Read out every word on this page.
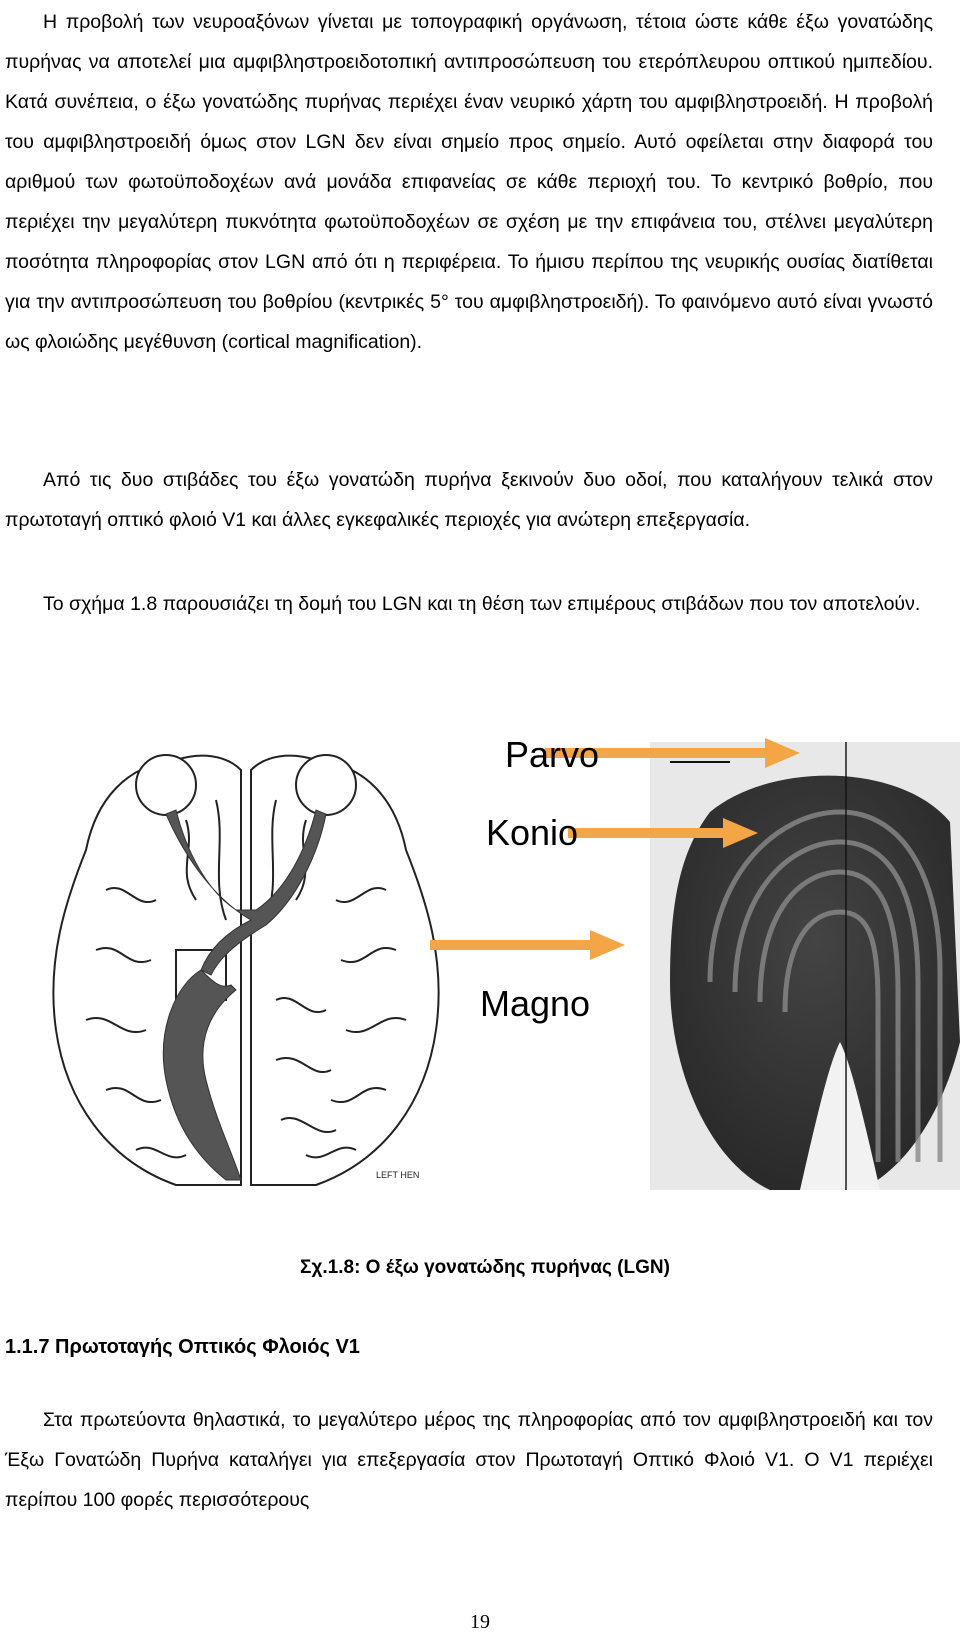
Η προβολή των νευροαξόνων γίνεται με τοπογραφική οργάνωση, τέτοια ώστε κάθε έξω γονατώδης πυρήνας να αποτελεί μια αμφιβληστροειδοτοπική αντιπροσώπευση του ετερόπλευρου οπτικού ημιπεδίου. Κατά συνέπεια, ο έξω γονατώδης πυρήνας περιέχει έναν νευρικό χάρτη του αμφιβληστροειδή. Η προβολή του αμφιβληστροειδή όμως στον LGN δεν είναι σημείο προς σημείο. Αυτό οφείλεται στην διαφορά του αριθμού των φωτοϋποδοχέων ανά μονάδα επιφανείας σε κάθε περιοχή του. Το κεντρικό βοθρίο, που περιέχει την μεγαλύτερη πυκνότητα φωτοϋποδοχέων σε σχέση με την επιφάνεια του, στέλνει μεγαλύτερη ποσότητα πληροφορίας στον LGN από ότι η περιφέρεια. Το ήμισυ περίπου της νευρικής ουσίας διατίθεται για την αντιπροσώπευση του βοθρίου (κεντρικές 5° του αμφιβληστροειδή). Το φαινόμενο αυτό είναι γνωστό ως φλοιώδης μεγέθυνση (cortical magnification).

Από τις δυο στιβάδες του έξω γονατώδη πυρήνα ξεκινούν δυο οδοί, που καταλήγουν τελικά στον πρωτοταγή οπτικό φλοιό V1 και άλλες εγκεφαλικές περιοχές για ανώτερη επεξεργασία.

Το σχήμα 1.8 παρουσιάζει τη δομή του LGN και τη θέση των επιμέρους στιβάδων που τον αποτελούν.

LEFT HEN
Parvo
Konio
Magno
Σχ.1.8: Ο έξω γονατώδης πυρήνας (LGN)
1.1.7 Πρωτοταγής Οπτικός Φλοιός V1

Στα πρωτεύοντα θηλαστικά, το μεγαλύτερο μέρος της πληροφορίας από τον αμφιβληστροειδή και τον Έξω Γονατώδη Πυρήνα καταλήγει για επεξεργασία στον Πρωτοταγή Οπτικό Φλοιό V1. Ο V1 περιέχει περίπου 100 φορές περισσότερους

19
